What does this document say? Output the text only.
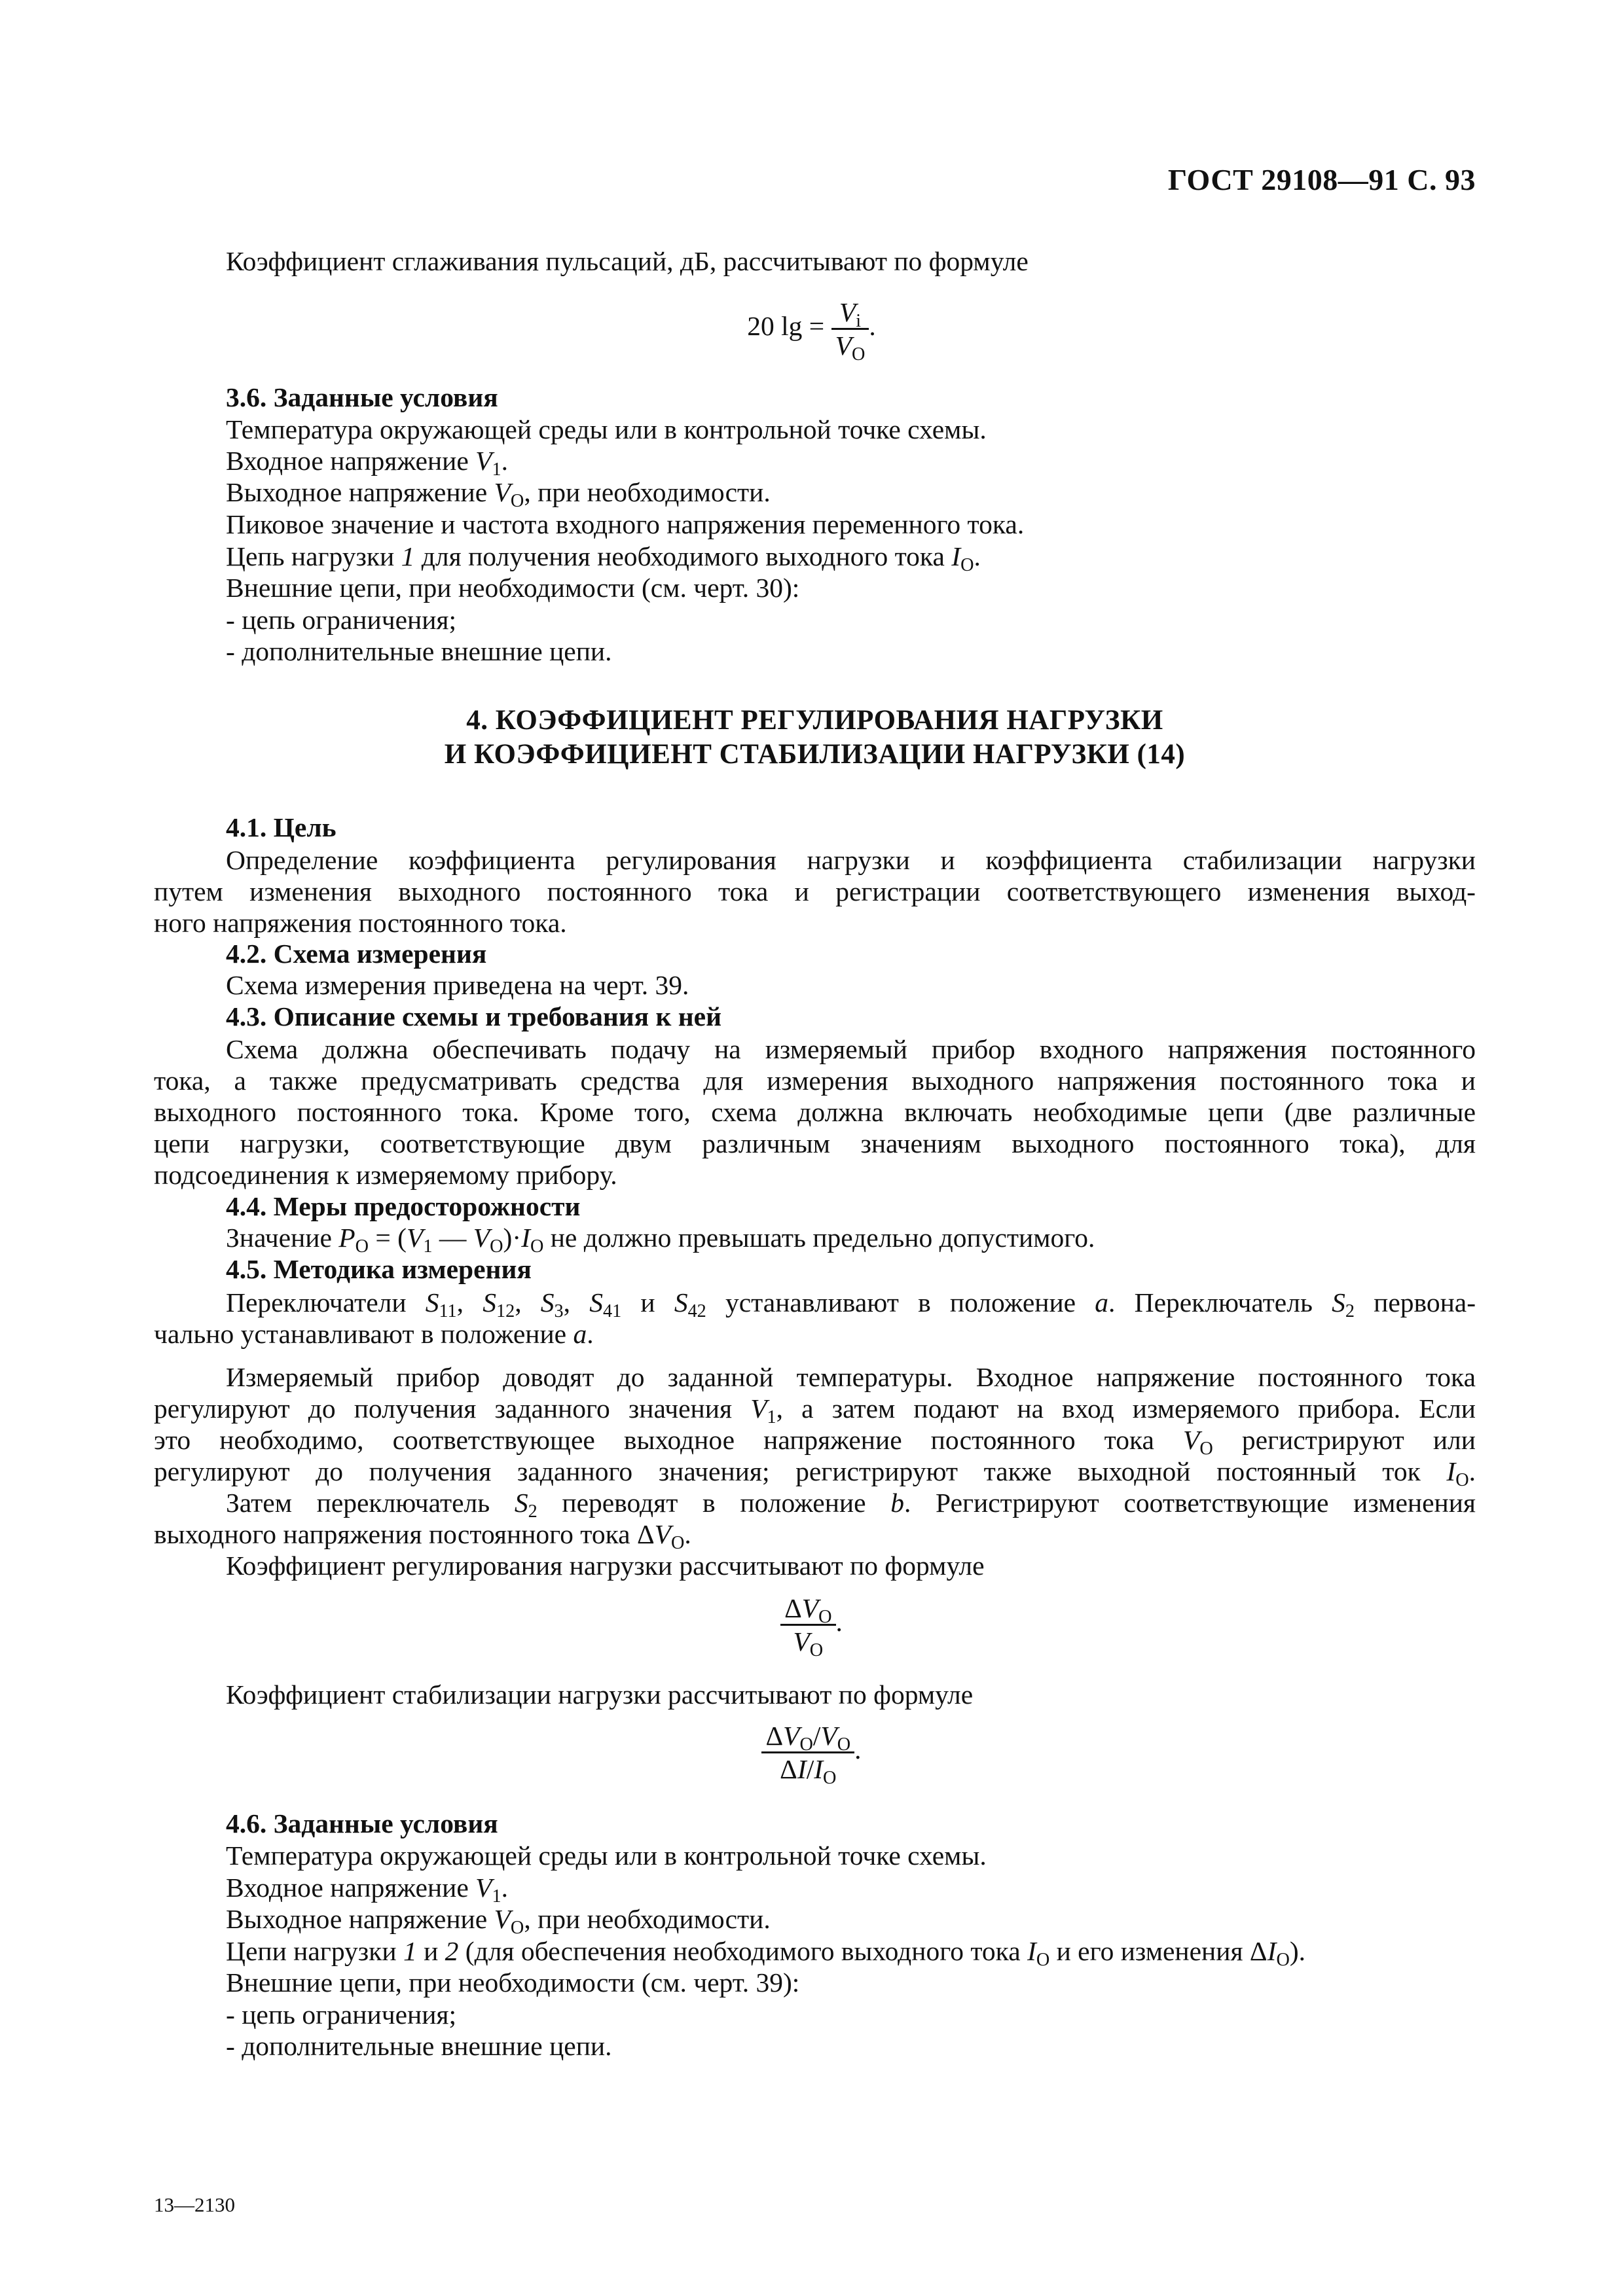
ГОСТ 29108—91 С. 93
Коэффициент сглаживания пульсаций, дБ, рассчитывают по формуле
20 $\lg = \frac{V_i}{V_O}$ .
3.6. Заданные условия
Температура окружающей среды или в контрольной точке схемы.
Входное напряжение $V_1$.
Выходное напряжение $V_O$, при необходимости.
Пиковое значение и частота входного напряжения переменного тока.
Цепь нагрузки 1 для получения необходимого выходного тока $I_O$.
Внешние цепи, при необходимости (см. черт. 30):
- цепь ограничения;
- дополнительные внешние цепи.
4. КОЭФФИЦИЕНТ РЕГУЛИРОВАНИЯ НАГРУЗКИ
И КОЭФФИЦИЕНТ СТАБИЛИЗАЦИИ НАГРУЗКИ (14)
4.1. Цель
Определение коэффициента регулирования нагрузки и коэффициента стабилизации нагрузки
путем изменения выходного постоянного тока и регистрации соответствующего изменения выход-
ного напряжения постоянного тока.
4.2. Схема измерения
Схема измерения приведена на черт. 39.
4.3. Описание схемы и требования к ней
Схема должна обеспечивать подачу на измеряемый прибор входного напряжения постоянного
тока, а также предусматривать средства для измерения выходного напряжения постоянного тока и
выходного постоянного тока. Кроме того, схема должна включать необходимые цепи (две различные
цепи нагрузки, соответствующие двум различным значениям выходного постоянного тока), для
подсоединения к измеряемому прибору.
4.4. Меры предосторожности
Значение $P_O = (V_1$ — $V_O)\cdot I_O$ не должно превышать предельно допустимого.
4.5. Методика измерения
Переключатели $S_{11}$, $S_{12}$, $S_3$, $S_{41}$ и $S_{42}$ устанавливают в положение a. Переключатель $S_2$ первона-
чально устанавливают в положение a.
Измеряемый прибор доводят до заданной температуры. Входное напряжение постоянного тока
регулируют до получения заданного значения $V_1$, а затем подают на вход измеряемого прибора. Если
это необходимо, соответствующее выходное напряжение постоянного тока $V_O$ регистрируют или
регулируют до получения заданного значения; регистрируют также выходной постоянный ток $I_O$.
Затем переключатель $S_2$ переводят в положение b. Регистрируют соответствующие изменения
выходного напряжения постоянного тока $\Delta V_O$.
Коэффициент регулирования нагрузки рассчитывают по формуле
$\frac{\Delta V_O}{V_O}$ .
Коэффициент стабилизации нагрузки рассчитывают по формуле
$\frac{\Delta V_O/V_O}{\Delta I/I_O}$ .
4.6. Заданные условия
Температура окружающей среды или в контрольной точке схемы.
Входное напряжение $V_1$.
Выходное напряжение $V_O$, при необходимости.
Цепи нагрузки 1 и 2 (для обеспечения необходимого выходного тока $I_O$ и его изменения $\Delta I_O$).
Внешние цепи, при необходимости (см. черт. 39):
- цепь ограничения;
- дополнительные внешние цепи.
13—2130
